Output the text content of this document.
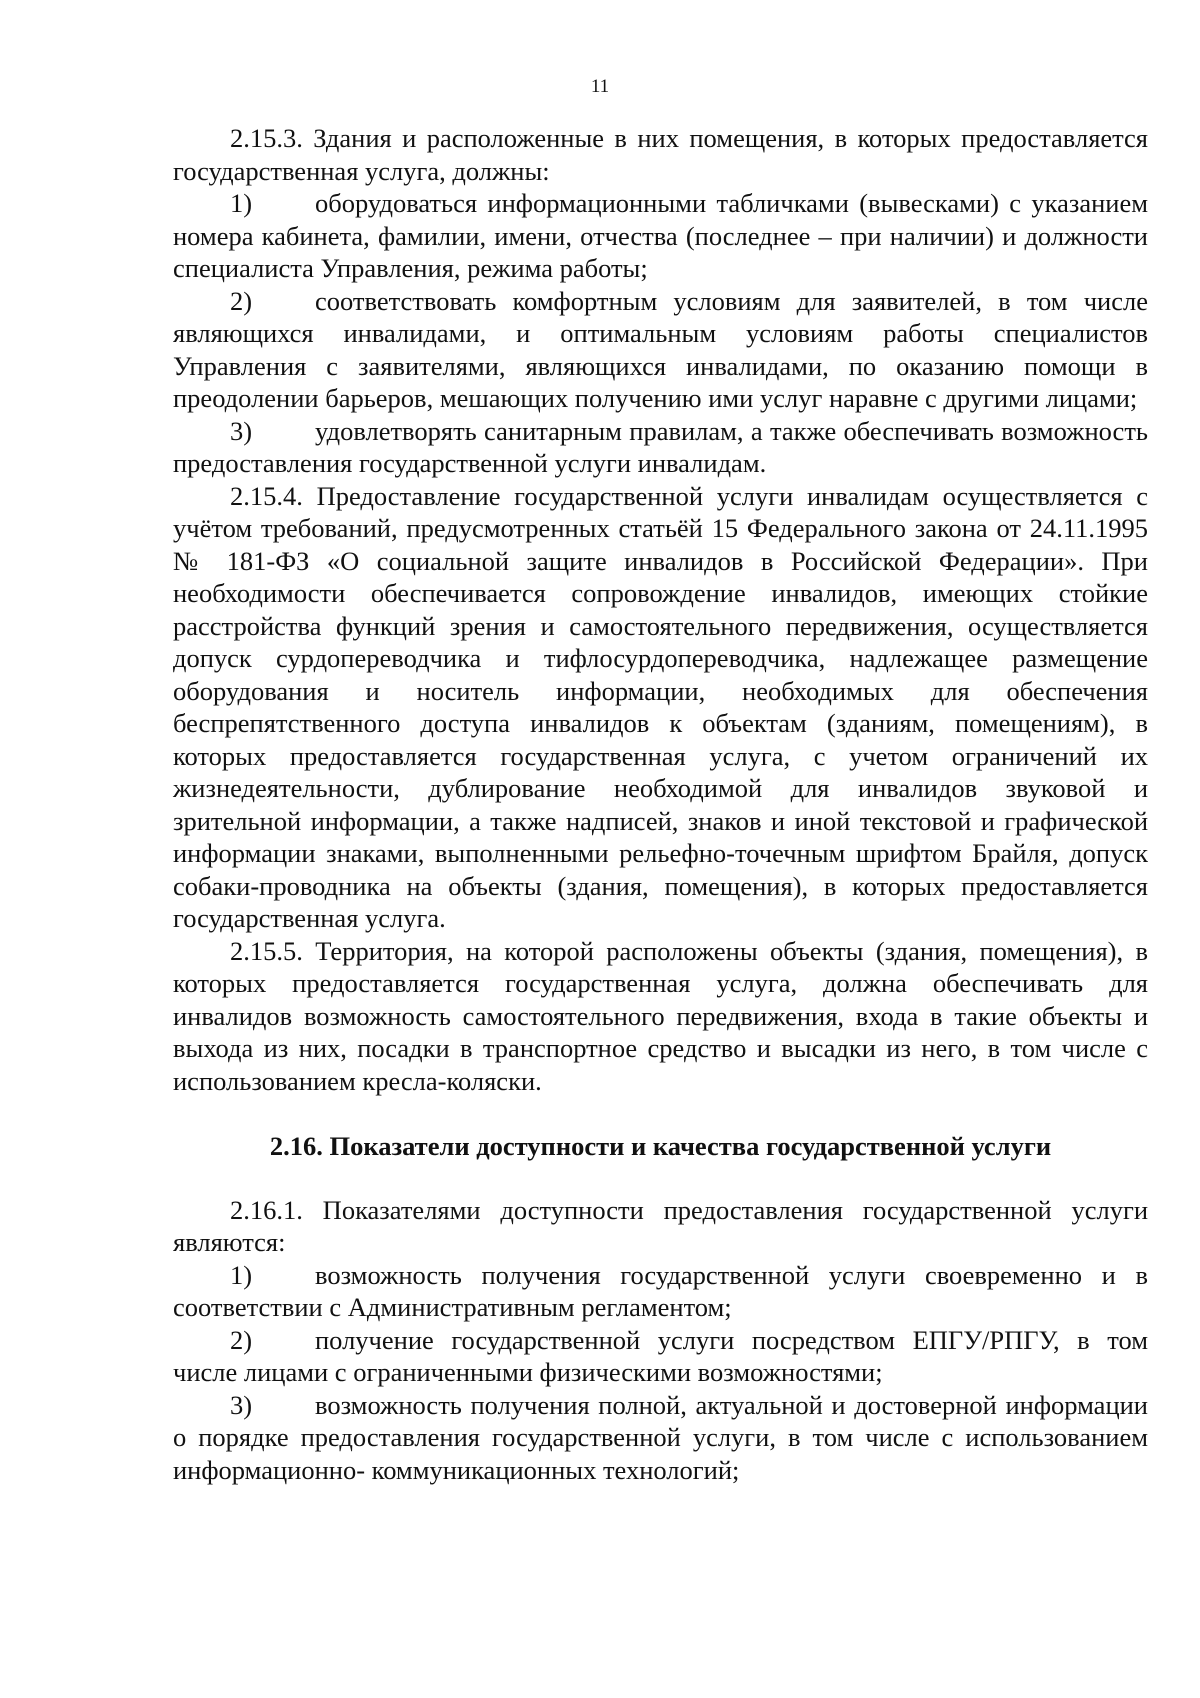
11

2.15.3. Здания и расположенные в них помещения, в которых предоставляется государственная услуга, должны:

1) оборудоваться информационными табличками (вывесками) с указанием номера кабинета, фамилии, имени, отчества (последнее – при наличии) и должности специалиста Управления, режима работы;

2) соответствовать комфортным условиям для заявителей, в том числе являющихся инвалидами, и оптимальным условиям работы специалистов Управления с заявителями, являющихся инвалидами, по оказанию помощи в преодолении барьеров, мешающих получению ими услуг наравне с другими лицами;

3) удовлетворять санитарным правилам, а также обеспечивать возможность предоставления государственной услуги инвалидам.

2.15.4. Предоставление государственной услуги инвалидам осуществляется с учётом требований, предусмотренных статьёй 15 Федерального закона от 24.11.1995 № 181-ФЗ «О социальной защите инвалидов в Российской Федерации». При необходимости обеспечивается сопровождение инвалидов, имеющих стойкие расстройства функций зрения и самостоятельного передвижения, осуществляется допуск сурдопереводчика и тифлосурдопереводчика, надлежащее размещение оборудования и носитель информации, необходимых для обеспечения беспрепятственного доступа инвалидов к объектам (зданиям, помещениям), в которых предоставляется государственная услуга, с учетом ограничений их жизнедеятельности, дублирование необходимой для инвалидов звуковой и зрительной информации, а также надписей, знаков и иной текстовой и графической информации знаками, выполненными рельефно-точечным шрифтом Брайля, допуск собаки-проводника на объекты (здания, помещения), в которых предоставляется государственная услуга.

2.15.5. Территория, на которой расположены объекты (здания, помещения), в которых предоставляется государственная услуга, должна обеспечивать для инвалидов возможность самостоятельного передвижения, входа в такие объекты и выхода из них, посадки в транспортное средство и высадки из него, в том числе с использованием кресла-коляски.

2.16. Показатели доступности и качества государственной услуги

2.16.1. Показателями доступности предоставления государственной услуги являются:

1) возможность получения государственной услуги своевременно и в соответствии с Административным регламентом;

2) получение государственной услуги посредством ЕПГУ/РПГУ, в том числе лицами с ограниченными физическими возможностями;

3) возможность получения полной, актуальной и достоверной информации о порядке предоставления государственной услуги, в том числе с использованием информационно- коммуникационных технологий;
